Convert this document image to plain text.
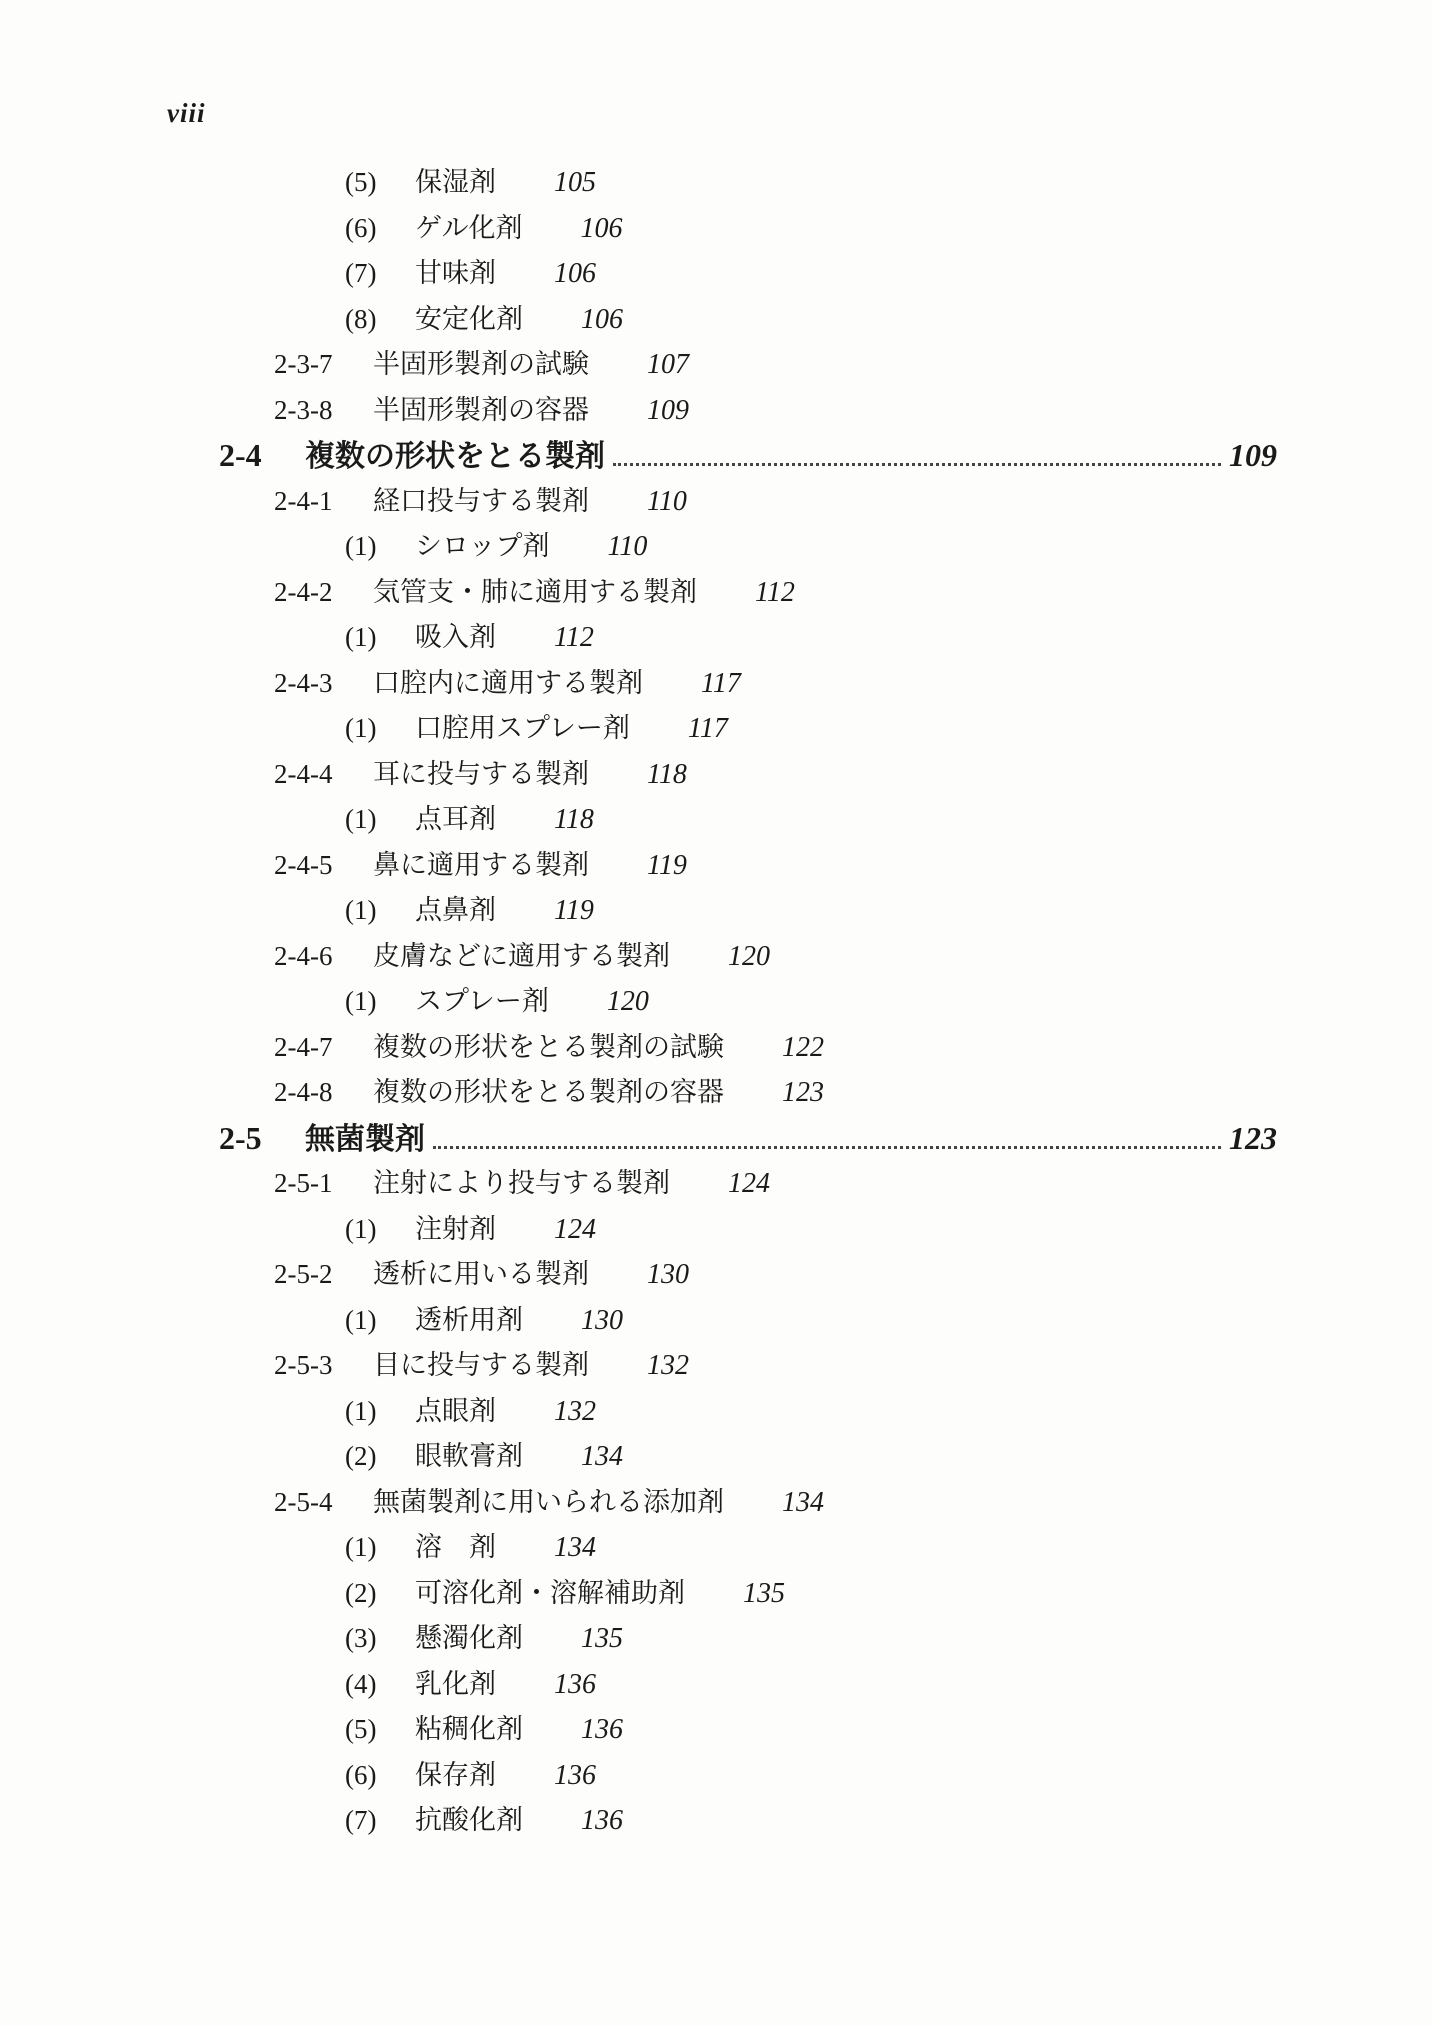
viii
(5) 保湿剤 105
(6) ゲル化剤 106
(7) 甘味剤 106
(8) 安定化剤 106
2-3-7 半固形製剤の試験 107
2-3-8 半固形製剤の容器 109
2-4	複数の形状をとる製剤	109
2-4-1 経口投与する製剤 110
(1) シロップ剤 110
2-4-2 気管支・肺に適用する製剤 112
(1) 吸入剤 112
2-4-3 口腔内に適用する製剤 117
(1) 口腔用スプレー剤 117
2-4-4 耳に投与する製剤 118
(1) 点耳剤 118
2-4-5 鼻に適用する製剤 119
(1) 点鼻剤 119
2-4-6 皮膚などに適用する製剤 120
(1) スプレー剤 120
2-4-7 複数の形状をとる製剤の試験 122
2-4-8 複数の形状をとる製剤の容器 123
2-5	無菌製剤	123
2-5-1 注射により投与する製剤 124
(1) 注射剤 124
2-5-2 透析に用いる製剤 130
(1) 透析用剤 130
2-5-3 目に投与する製剤 132
(1) 点眼剤 132
(2) 眼軟膏剤 134
2-5-4 無菌製剤に用いられる添加剤 134
(1) 溶　剤 134
(2) 可溶化剤・溶解補助剤 135
(3) 懸濁化剤 135
(4) 乳化剤 136
(5) 粘稠化剤 136
(6) 保存剤 136
(7) 抗酸化剤 136
